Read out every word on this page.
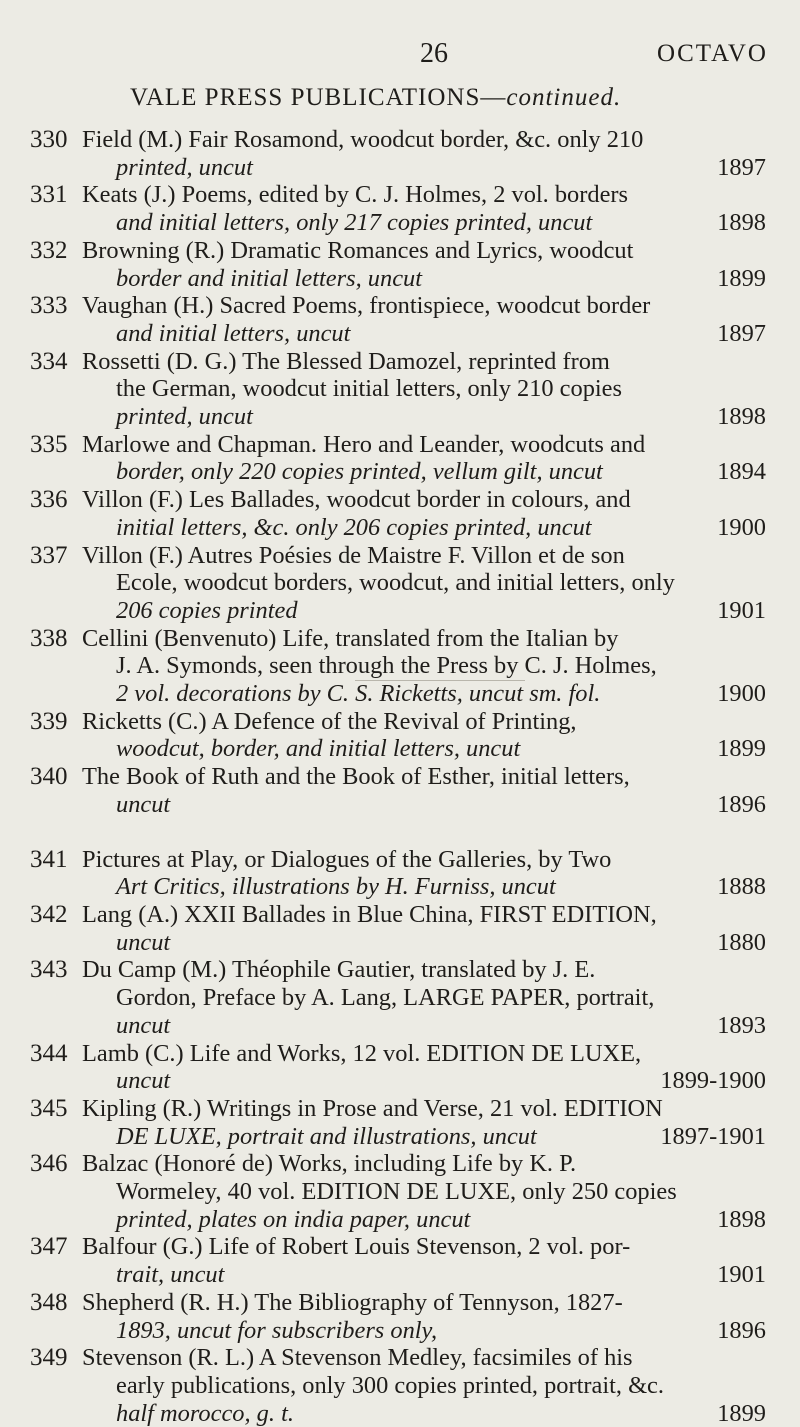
26	OCTAVO
VALE PRESS PUBLICATIONS—continued.
330 Field (M.) Fair Rosamond, woodcut border, &c. only 210
printed, uncut	1897
331 Keats (J.) Poems, edited by C. J. Holmes, 2 vol. borders
and initial letters, only 217 copies printed, uncut	1898
332 Browning (R.) Dramatic Romances and Lyrics, woodcut
border and initial letters, uncut	1899
333 Vaughan (H.) Sacred Poems, frontispiece, woodcut border
and initial letters, uncut	1897
334 Rossetti (D. G.) The Blessed Damozel, reprinted from
the German, woodcut initial letters, only 210 copies
printed, uncut	1898
335 Marlowe and Chapman. Hero and Leander, woodcuts and
border, only 220 copies printed, vellum gilt, uncut	1894
336 Villon (F.) Les Ballades, woodcut border in colours, and
initial letters, &c. only 206 copies printed, uncut	1900
337 Villon (F.) Autres Poésies de Maistre F. Villon et de son
Ecole, woodcut borders, woodcut, and initial letters, only
206 copies printed	1901
338 Cellini (Benvenuto) Life, translated from the Italian by
J. A. Symonds, seen through the Press by C. J. Holmes,
2 vol. decorations by C. S. Ricketts, uncut sm. fol.	1900
339 Ricketts (C.) A Defence of the Revival of Printing,
woodcut, border, and initial letters, uncut	1899
340 The Book of Ruth and the Book of Esther, initial letters,
uncut	1896
341 Pictures at Play, or Dialogues of the Galleries, by Two
Art Critics, illustrations by H. Furniss, uncut	1888
342 Lang (A.) XXII Ballades in Blue China, FIRST EDITION,
uncut	1880
343 Du Camp (M.) Théophile Gautier, translated by J. E.
Gordon, Preface by A. Lang, LARGE PAPER, portrait,
uncut	1893
344 Lamb (C.) Life and Works, 12 vol. EDITION DE LUXE,
uncut	1899-1900
345 Kipling (R.) Writings in Prose and Verse, 21 vol. EDITION
DE LUXE, portrait and illustrations, uncut	1897-1901
346 Balzac (Honoré de) Works, including Life by K. P.
Wormeley, 40 vol. EDITION DE LUXE, only 250 copies
printed, plates on india paper, uncut	1898
347 Balfour (G.) Life of Robert Louis Stevenson, 2 vol. por-
trait, uncut	1901
348 Shepherd (R. H.) The Bibliography of Tennyson, 1827-
1893, uncut for subscribers only,	1896
349 Stevenson (R. L.) A Stevenson Medley, facsimiles of his
early publications, only 300 copies printed, portrait, &c.
half morocco, g. t.	1899
